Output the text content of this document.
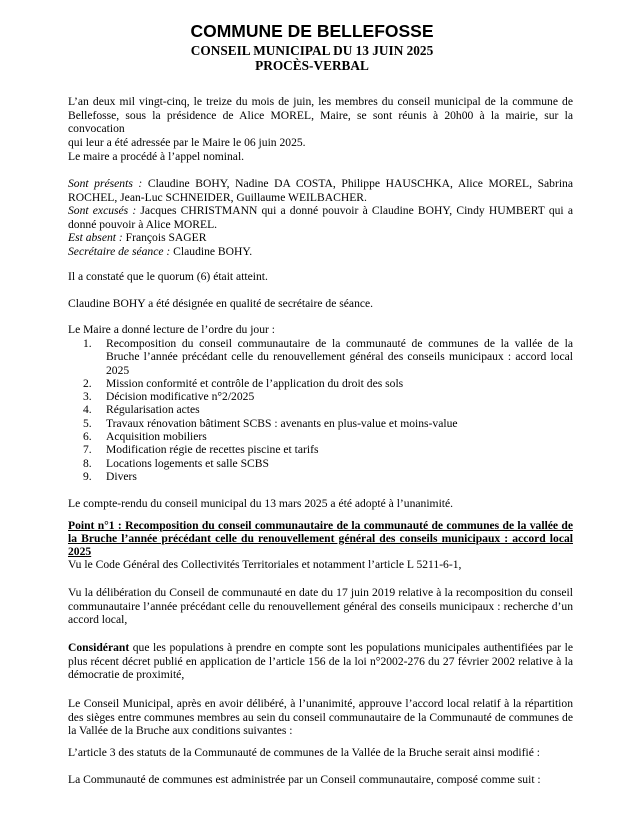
COMMUNE DE BELLEFOSSE
CONSEIL MUNICIPAL DU 13 JUIN 2025
PROCÈS-VERBAL
L’an deux mil vingt-cinq, le treize du mois de juin, les membres du conseil municipal de la commune de
Bellefosse, sous la présidence de Alice MOREL, Maire, se sont réunis à 20h00 à la mairie, sur la convocation
qui leur a été adressée par le Maire le 06 juin 2025.
Le maire a procédé à l’appel nominal.
Sont présents : Claudine BOHY, Nadine DA COSTA, Philippe HAUSCHKA, Alice MOREL, Sabrina
ROCHEL, Jean-Luc SCHNEIDER, Guillaume WEILBACHER.
Sont excusés : Jacques CHRISTMANN qui a donné pouvoir à Claudine BOHY, Cindy HUMBERT qui a
donné pouvoir à Alice MOREL.
Est absent : François SAGER
Secrétaire de séance : Claudine BOHY.
Il a constaté que le quorum (6) était atteint.
Claudine BOHY a été désignée en qualité de secrétaire de séance.
Le Maire a donné lecture de l’ordre du jour :
1. Recomposition du conseil communautaire de la communauté de communes de la vallée de la
Bruche l’année précédant celle du renouvellement général des conseils municipaux : accord local
2025
2. Mission conformité et contrôle de l’application du droit des sols
3. Décision modificative n°2/2025
4. Régularisation actes
5. Travaux rénovation bâtiment SCBS : avenants en plus-value et moins-value
6. Acquisition mobiliers
7. Modification régie de recettes piscine et tarifs
8. Locations logements et salle SCBS
9. Divers
Le compte-rendu du conseil municipal du 13 mars 2025 a été adopté à l’unanimité.
Point n°1 : Recomposition du conseil communautaire de la communauté de communes de la vallée de
la Bruche l’année précédant celle du renouvellement général des conseils municipaux : accord local
2025
Vu le Code Général des Collectivités Territoriales et notamment l’article L 5211-6-1,
Vu la délibération du Conseil de communauté en date du 17 juin 2019 relative à la recomposition du conseil
communautaire l’année précédant celle du renouvellement général des conseils municipaux : recherche d’un
accord local,
Considérant que les populations à prendre en compte sont les populations municipales authentifiées par le
plus récent décret publié en application de l’article 156 de la loi n°2002-276 du 27 février 2002 relative à la
démocratie de proximité,
Le Conseil Municipal, après en avoir délibéré, à l’unanimité, approuve l’accord local relatif à la répartition
des sièges entre communes membres au sein du conseil communautaire de la Communauté de communes de
la Vallée de la Bruche aux conditions suivantes :
L’article 3 des statuts de la Communauté de communes de la Vallée de la Bruche serait ainsi modifié :
La Communauté de communes est administrée par un Conseil communautaire, composé comme suit :
